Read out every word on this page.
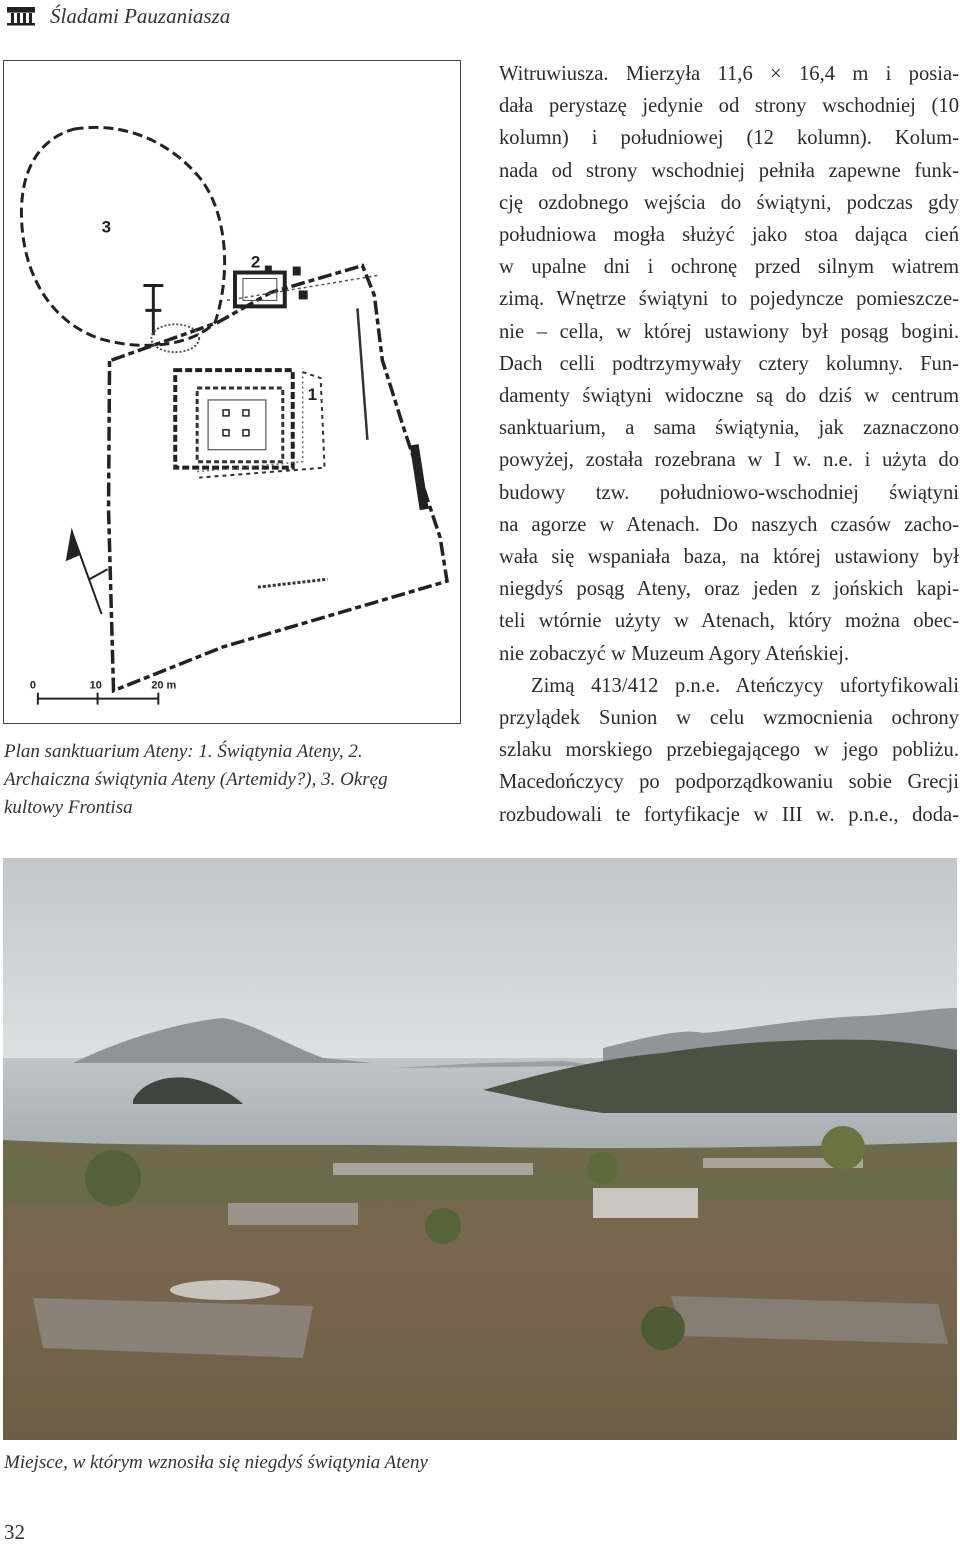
Śladami Pauzaniasza
3
2
1
0	10	20 m

Plan sanktuarium Ateny: 1. Świątynia Ateny, 2. Archaiczna świątynia Ateny (Artemidy?), 3. Okręg kultowy Frontisa

Witruwiusza. Mierzyła 11,6 × 16,4 m i posia-

dała perystazę jedynie od strony wschodniej (10

kolumn) i południowej (12 kolumn). Kolum-

nada od strony wschodniej pełniła zapewne funk-

cję ozdobnego wejścia do świątyni, podczas gdy

południowa mogła służyć jako stoa dająca cień

w upalne dni i ochronę przed silnym wiatrem

zimą. Wnętrze świątyni to pojedyncze pomieszcze-

nie – cella, w której ustawiony był posąg bogini.

Dach celli podtrzymywały cztery kolumny. Fun-

damenty świątyni widoczne są do dziś w centrum

sanktuarium, a sama świątynia, jak zaznaczono

powyżej, została rozebrana w I w. n.e. i użyta do

budowy tzw. południowo-wschodniej świątyni

na agorze w Atenach. Do naszych czasów zacho-

wała się wspaniała baza, na której ustawiony był

niegdyś posąg Ateny, oraz jeden z jońskich kapi-

teli wtórnie użyty w Atenach, który można obec-

nie zobaczyć w Muzeum Agory Ateńskiej.

Zimą 413/412 p.n.e. Ateńczycy ufortyfikowali

przylądek Sunion w celu wzmocnienia ochrony

szlaku morskiego przebiegającego w jego pobliżu.

Macedończycy po podporządkowaniu sobie Grecji

rozbudowali te fortyfikacje w III w. p.n.e., doda-

Miejsce, w którym wznosiła się niegdyś świątynia Ateny

32
